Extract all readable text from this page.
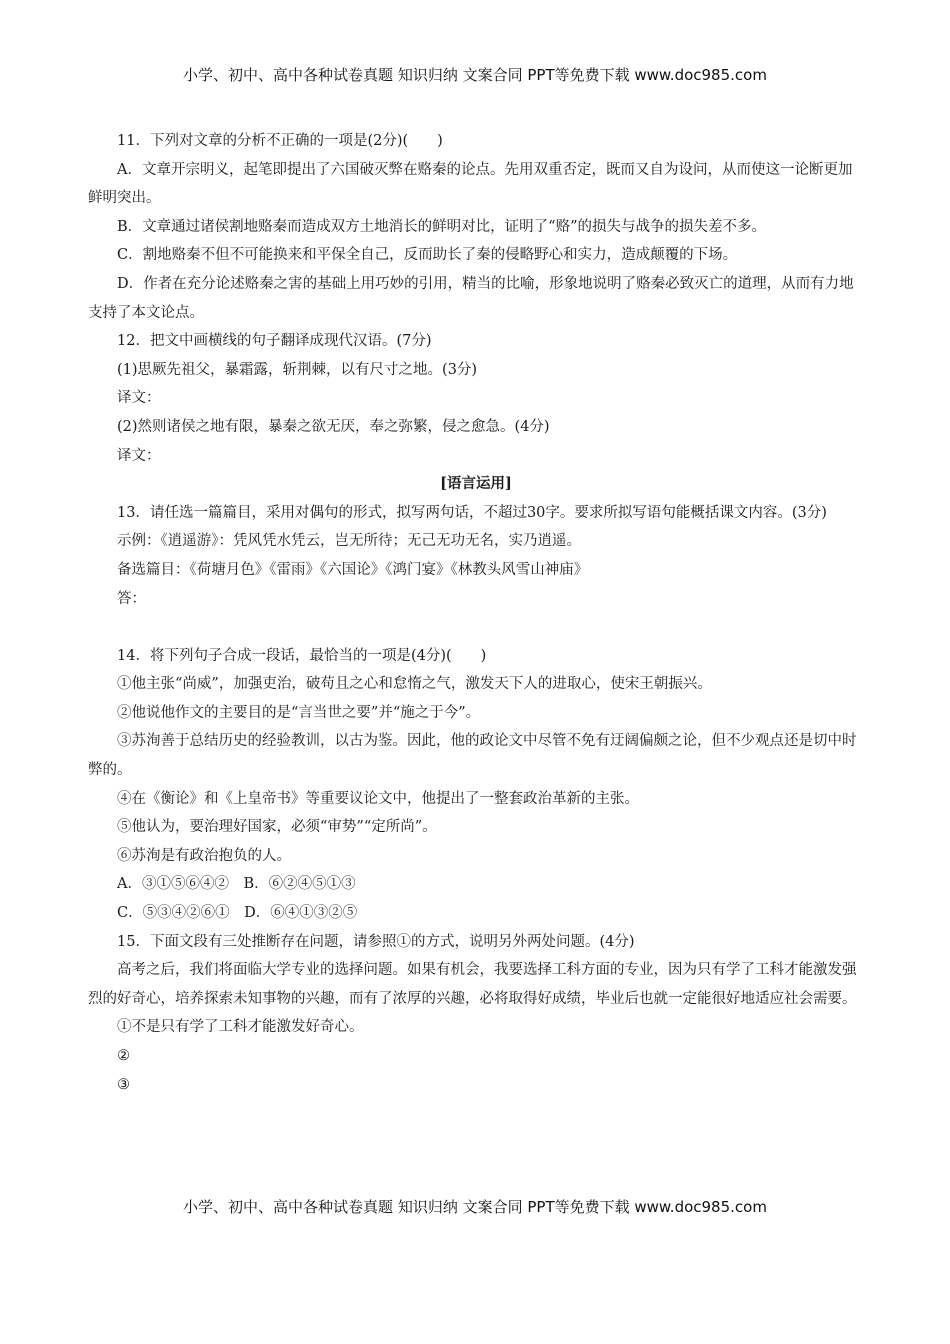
小学、初中、高中各种试卷真题 知识归纳 文案合同 PPT等免费下载 www.doc985.com

11．下列对文章的分析不正确的一项是(2分)(　　)

A．文章开宗明义，起笔即提出了六国破灭弊在赂秦的论点。先用双重否定，既而又自为设问，从而使这一论断更加鲜明突出。

B．文章通过诸侯割地赂秦而造成双方土地消长的鲜明对比，证明了“赂”的损失与战争的损失差不多。

C．割地赂秦不但不可能换来和平保全自己，反而助长了秦的侵略野心和实力，造成颠覆的下场。

D．作者在充分论述赂秦之害的基础上用巧妙的引用，精当的比喻，形象地说明了赂秦必致灭亡的道理，从而有力地支持了本文论点。

12．把文中画横线的句子翻译成现代汉语。(7分)

(1)思厥先祖父，暴霜露，斩荆棘，以有尺寸之地。(3分)

译文：

(2)然则诸侯之地有限，暴秦之欲无厌，奉之弥繁，侵之愈急。(4分)

译文：

[语言运用]

13．请任选一篇篇目，采用对偶句的形式，拟写两句话，不超过30字。要求所拟写语句能概括课文内容。(3分)

示例：《逍遥游》：凭风凭水凭云，岂无所待；无己无功无名，实乃逍遥。

备选篇目：《荷塘月色》《雷雨》《六国论》《鸿门宴》《林教头风雪山神庙》

答：

14．将下列句子合成一段话，最恰当的一项是(4分)(　　)

①他主张“尚威”，加强吏治，破苟且之心和怠惰之气，激发天下人的进取心，使宋王朝振兴。

②他说他作文的主要目的是“言当世之要”并“施之于今”。

③苏洵善于总结历史的经验教训，以古为鉴。因此，他的政论文中尽管不免有迂阔偏颇之论，但不少观点还是切中时弊的。

④在《衡论》和《上皇帝书》等重要议论文中，他提出了一整套政治革新的主张。

⑤他认为，要治理好国家，必须“审势”“定所尚”。

⑥苏洵是有政治抱负的人。

A．③①⑤⑥④②　B．⑥②④⑤①③

C．⑤③④②⑥①　D．⑥④①③②⑤

15．下面文段有三处推断存在问题，请参照①的方式，说明另外两处问题。(4分)

高考之后，我们将面临大学专业的选择问题。如果有机会，我要选择工科方面的专业，因为只有学了工科才能激发强烈的好奇心，培养探索未知事物的兴趣，而有了浓厚的兴趣，必将取得好成绩，毕业后也就一定能很好地适应社会需要。

①不是只有学了工科才能激发好奇心。

②

③

小学、初中、高中各种试卷真题 知识归纳 文案合同 PPT等免费下载 www.doc985.com
